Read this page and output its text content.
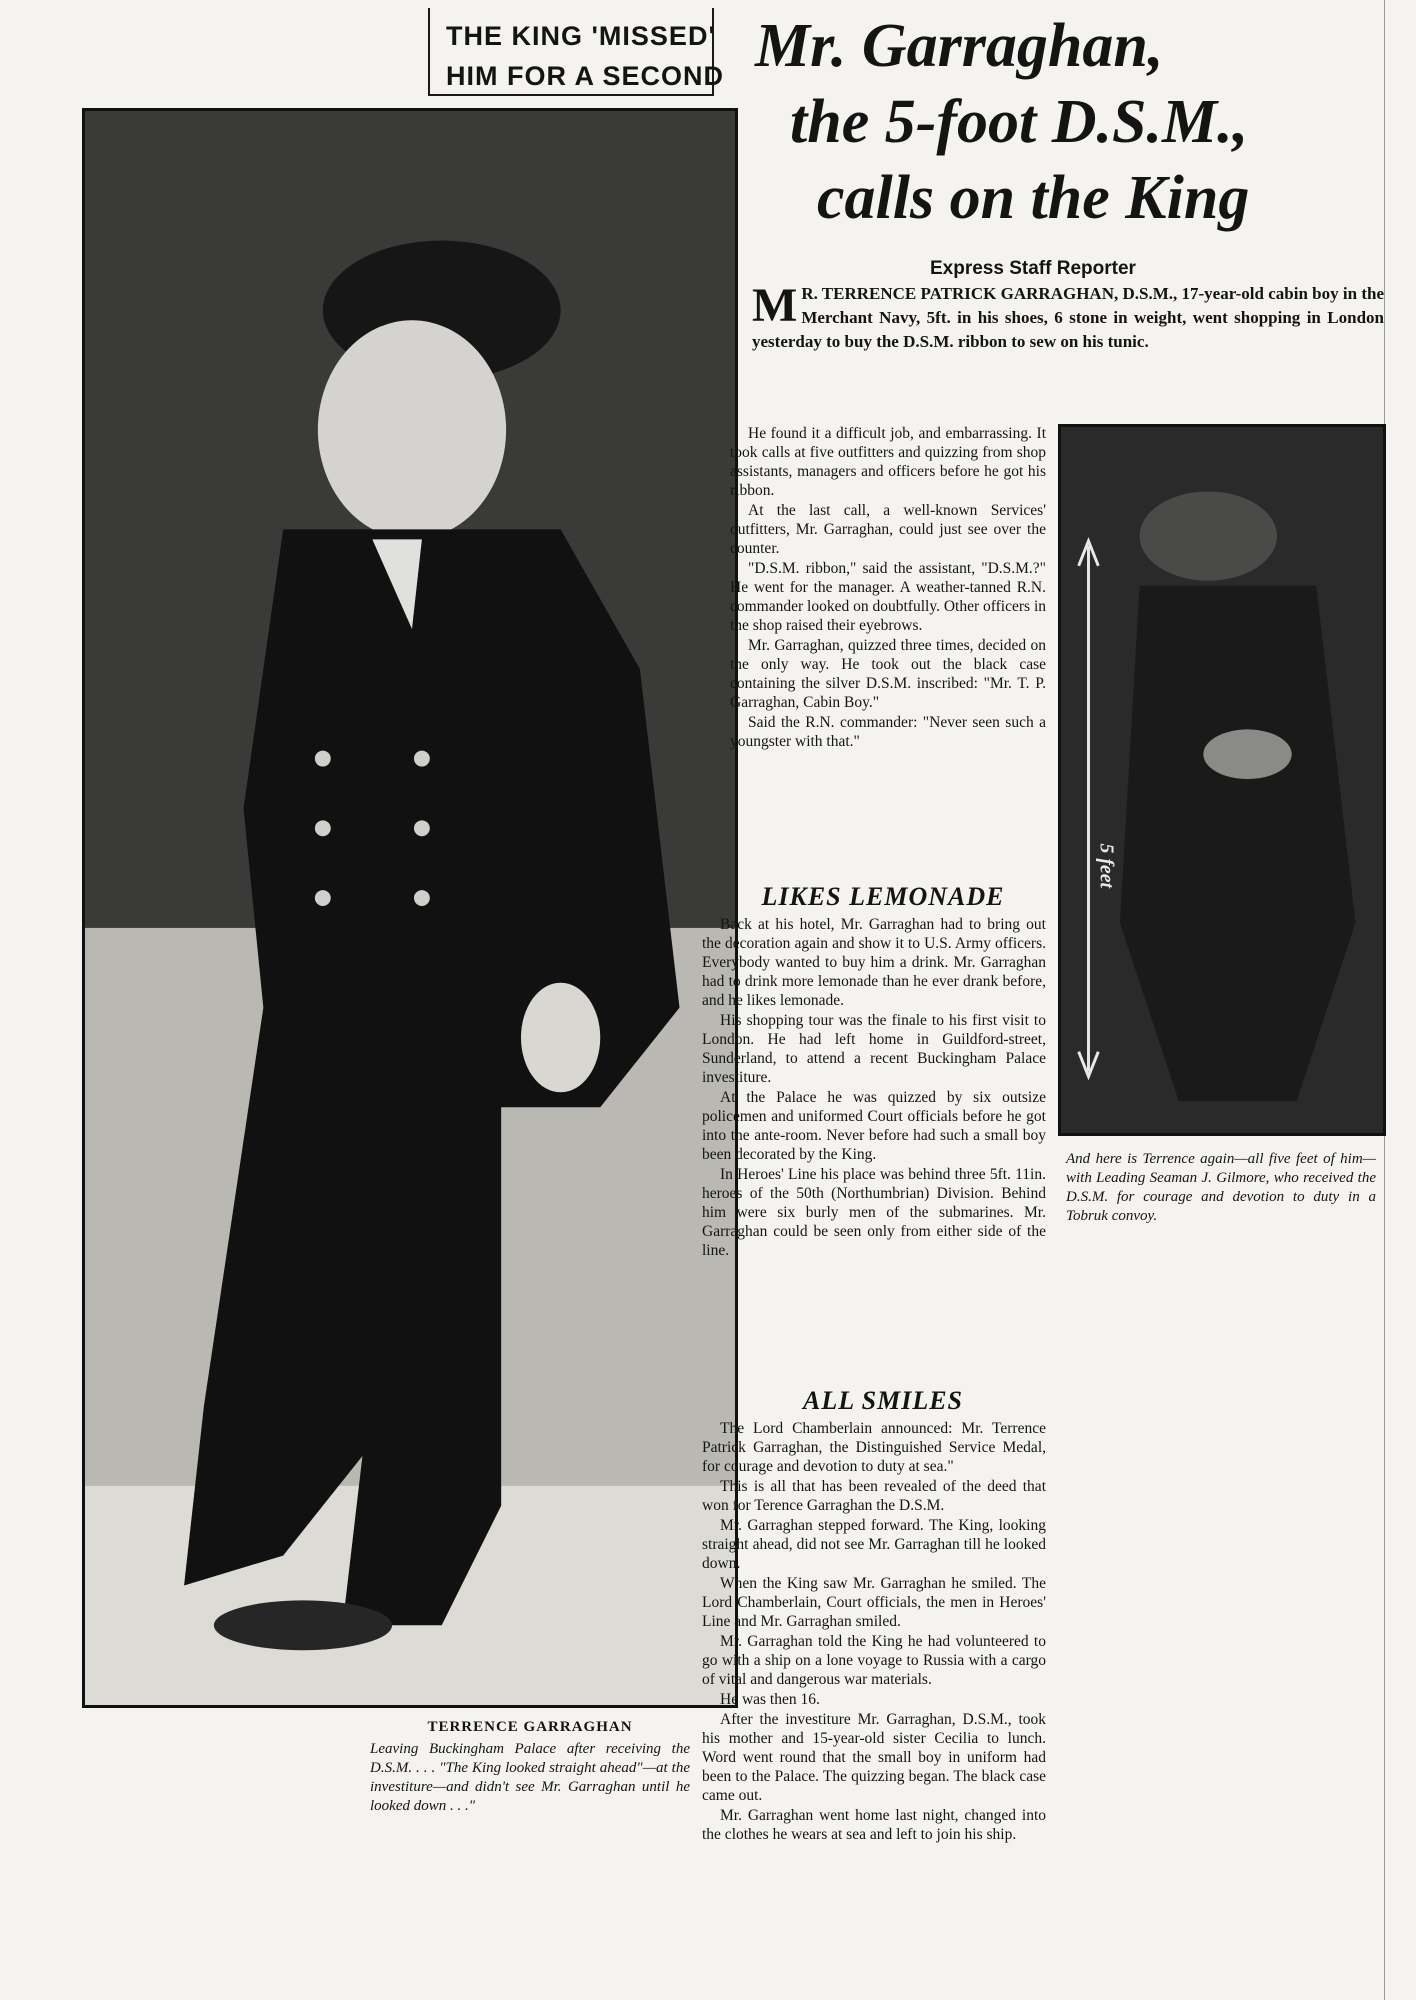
THE KING 'MISSED'
HIM FOR A SECOND Mr. Garraghan,
the 5-foot D.S.M.,
calls on the King
Express Staff Reporter
5 feet
TERRENCE GARRAGHAN
Leaving Buckingham Palace after receiving the D.S.M. . . . "The King looked straight ahead"—at the investiture—and didn't see Mr. Garraghan until he looked down . . ."
And here is Terrence again—all five feet of him—with Leading Seaman J. Gilmore, who received the D.S.M. for courage and devotion to duty in a Tobruk convoy.
M R. TERRENCE PATRICK GARRAGHAN, D.S.M., 17-year-old cabin boy in the Merchant Navy, 5ft. in his shoes, 6 stone in weight, went shopping in London yesterday to buy the D.S.M. ribbon to sew on his tunic.

He found it a difficult job, and embarrassing. It took calls at five outfitters and quizzing from shop assistants, managers and officers before he got his ribbon.

At the last call, a well-known Services' outfitters, Mr. Garraghan, could just see over the counter.

"D.S.M. ribbon," said the assistant, "D.S.M.?" He went for the manager. A weather-tanned R.N. commander looked on doubtfully. Other officers in the shop raised their eyebrows.

Mr. Garraghan, quizzed three times, decided on the only way. He took out the black case containing the silver D.S.M. inscribed: "Mr. T. P. Garraghan, Cabin Boy."

Said the R.N. commander: "Never seen such a youngster with that."

LIKES LEMONADE

Back at his hotel, Mr. Garraghan had to bring out the decoration again and show it to U.S. Army officers. Everybody wanted to buy him a drink. Mr. Garraghan had to drink more lemonade than he ever drank before, and he likes lemonade.

His shopping tour was the finale to his first visit to London. He had left home in Guildford-street, Sunderland, to attend a recent Buckingham Palace investiture.

At the Palace he was quizzed by six outsize policemen and uniformed Court officials before he got into the ante-room. Never before had such a small boy been decorated by the King.

In Heroes' Line his place was behind three 5ft. 11in. heroes of the 50th (Northumbrian) Division. Behind him were six burly men of the submarines. Mr. Garraghan could be seen only from either side of the line.

ALL SMILES

The Lord Chamberlain announced: Mr. Terrence Patrick Garraghan, the Distinguished Service Medal, for courage and devotion to duty at sea."

This is all that has been revealed of the deed that won for Terence Garraghan the D.S.M.

Mr. Garraghan stepped forward. The King, looking straight ahead, did not see Mr. Garraghan till he looked down.

When the King saw Mr. Garraghan he smiled. The Lord Chamberlain, Court officials, the men in Heroes' Line and Mr. Garraghan smiled.

Mr. Garraghan told the King he had volunteered to go with a ship on a lone voyage to Russia with a cargo of vital and dangerous war materials.

He was then 16.

After the investiture Mr. Garraghan, D.S.M., took his mother and 15-year-old sister Cecilia to lunch. Word went round that the small boy in uniform had been to the Palace. The quizzing began. The black case came out.

Mr. Garraghan went home last night, changed into the clothes he wears at sea and left to join his ship.
